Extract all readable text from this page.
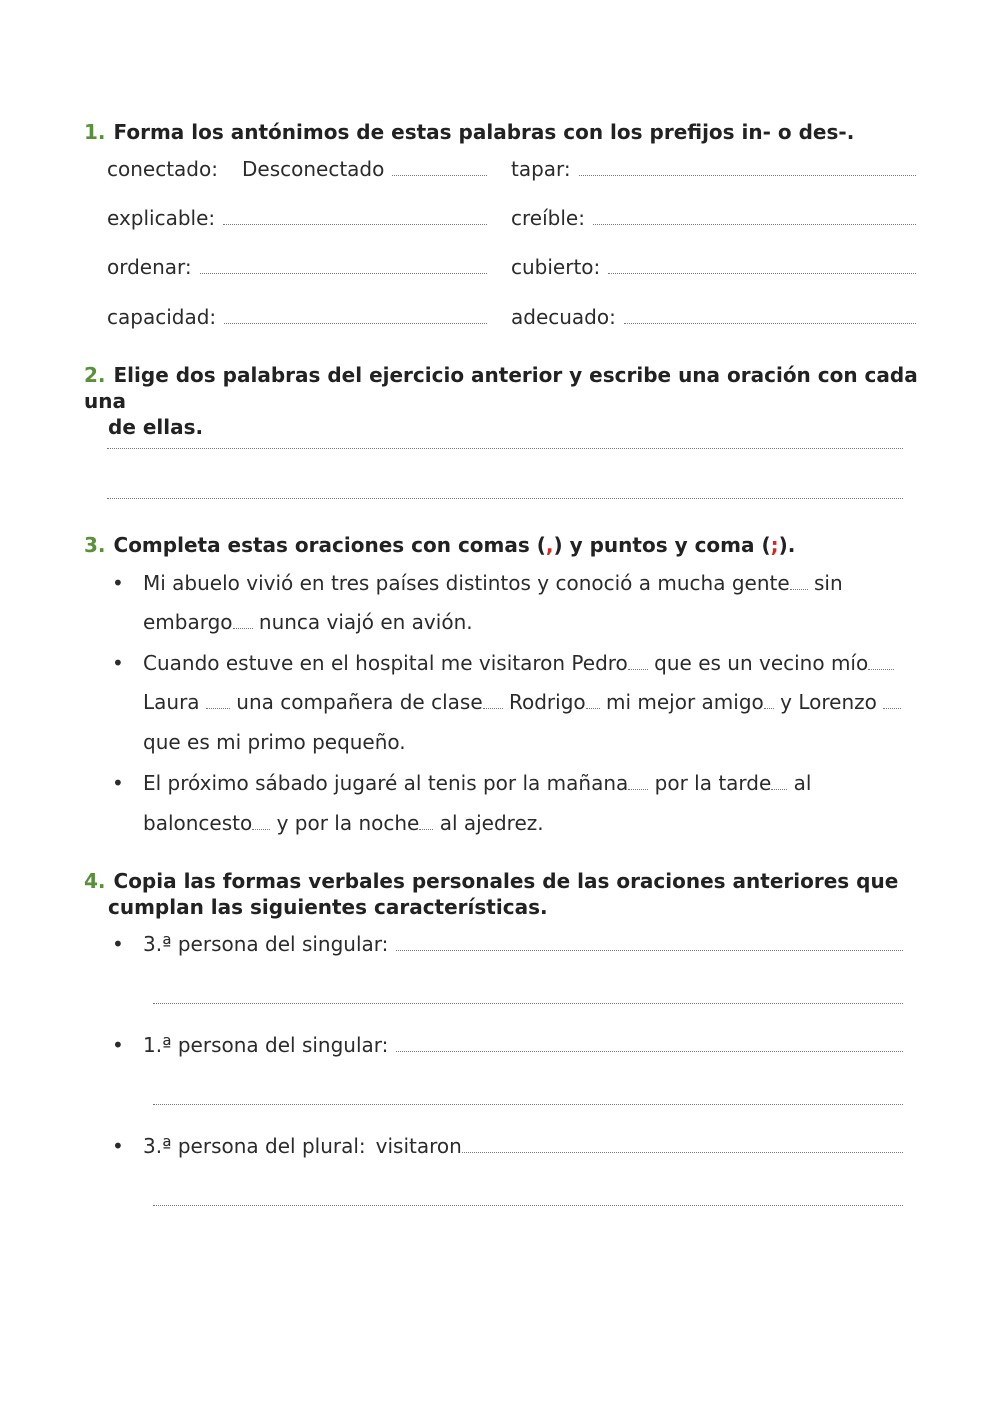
1. Forma los antónimos de estas palabras con los prefijos in- o des-.
conectado: Desconectado	tapar:
explicable:	creíble:
ordenar:	cubierto:
capacidad:	adecuado:
2. Elige dos palabras del ejercicio anterior y escribe una oración con cada una
de ellas.
3. Completa estas oraciones con comas (,) y puntos y coma (;).
• Mi abuelo vivió en tres países distintos y conoció a mucha gente sin
embargo nunca viajó en avión.
• Cuando estuve en el hospital me visitaron Pedro que es un vecino mío
Laura una compañera de clase Rodrigo mi mejor amigo y Lorenzo
que es mi primo pequeño.
• El próximo sábado jugaré al tenis por la mañana por la tarde al
baloncesto y por la noche al ajedrez.
4. Copia las formas verbales personales de las oraciones anteriores que
cumplan las siguientes características.
• 3.ª persona del singular:
• 1.ª persona del singular:
• 3.ª persona del plural: visitaron
